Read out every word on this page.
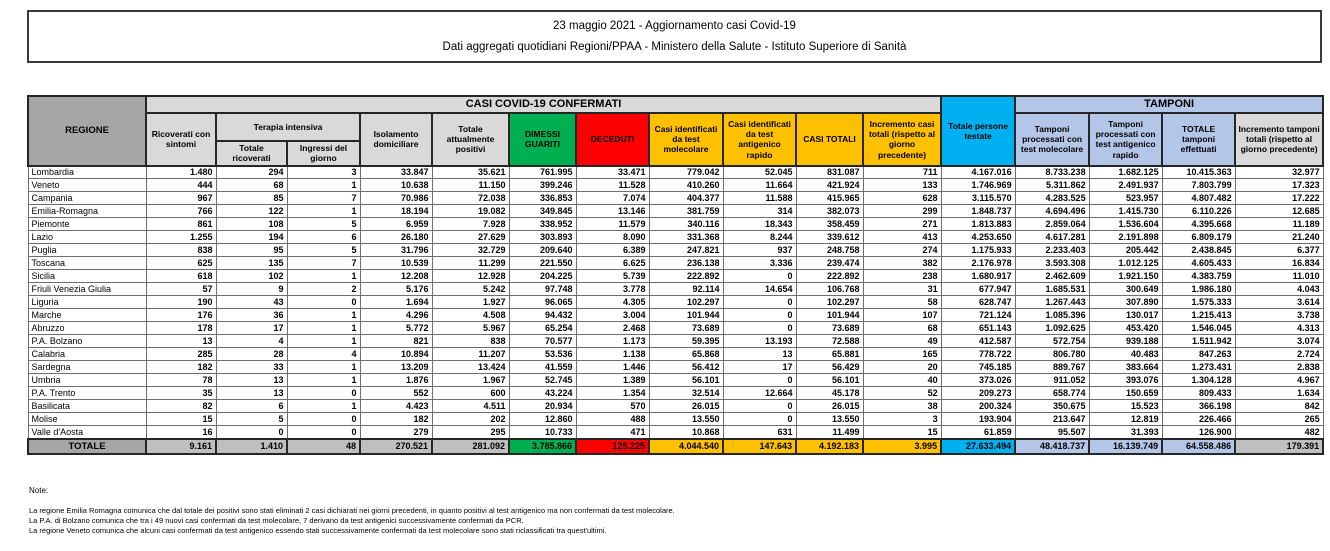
23 maggio 2021 - Aggiornamento casi Covid-19
Dati aggregati quotidiani Regioni/PPAA - Ministero della Salute - Istituto Superiore di Sanità
REGIONE	CASI COVID-19 CONFERMATI											Totale persone testate	TAMPONI			
	Ricoverati con sintomi	Terapia intensiva		Isolamento domiciliare	Totale attualmente positivi	DIMESSI GUARITI	DECEDUTI	Casi identificati da test molecolare	Casi identificati da test antigenico rapido	CASI TOTALI	Incremento casi totali (rispetto al giorno precedente)		Tamponi processati con test molecolare	Tamponi processati con test antigenico rapido	TOTALE tamponi effettuati	Incremento tamponi totali (rispetto al giorno precedente)
		Totale ricoverati	Ingressi del giorno													
Lombardia	1.480	294	3	33.847	35.621	761.995	33.471	779.042	52.045	831.087	711	4.167.016	8.733.238	1.682.125	10.415.363	32.977
Veneto	444	68	1	10.638	11.150	399.246	11.528	410.260	11.664	421.924	133	1.746.969	5.311.862	2.491.937	7.803.799	17.323
Campania	967	85	7	70.986	72.038	336.853	7.074	404.377	11.588	415.965	628	3.115.570	4.283.525	523.957	4.807.482	17.222
Emilia-Romagna	766	122	1	18.194	19.082	349.845	13.146	381.759	314	382.073	299	1.848.737	4.694.496	1.415.730	6.110.226	12.685
Piemonte	861	108	5	6.959	7.928	338.952	11.579	340.116	18.343	358.459	271	1.813.883	2.859.064	1.536.604	4.395.668	11.189
Lazio	1.255	194	6	26.180	27.629	303.893	8.090	331.368	8.244	339.612	413	4.253.650	4.617.281	2.191.898	6.809.179	21.240
Puglia	838	95	5	31.796	32.729	209.640	6.389	247.821	937	248.758	274	1.175.933	2.233.403	205.442	2.438.845	6.377
Toscana	625	135	7	10.539	11.299	221.550	6.625	236.138	3.336	239.474	382	2.176.978	3.593.308	1.012.125	4.605.433	16.834
Sicilia	618	102	1	12.208	12.928	204.225	5.739	222.892	0	222.892	238	1.680.917	2.462.609	1.921.150	4.383.759	11.010
Friuli Venezia Giulia	57	9	2	5.176	5.242	97.748	3.778	92.114	14.654	106.768	31	677.947	1.685.531	300.649	1.986.180	4.043
Liguria	190	43	0	1.694	1.927	96.065	4.305	102.297	0	102.297	58	628.747	1.267.443	307.890	1.575.333	3.614
Marche	176	36	1	4.296	4.508	94.432	3.004	101.944	0	101.944	107	721.124	1.085.396	130.017	1.215.413	3.738
Abruzzo	178	17	1	5.772	5.967	65.254	2.468	73.689	0	73.689	68	651.143	1.092.625	453.420	1.546.045	4.313
P.A. Bolzano	13	4	1	821	838	70.577	1.173	59.395	13.193	72.588	49	412.587	572.754	939.188	1.511.942	3.074
Calabria	285	28	4	10.894	11.207	53.536	1.138	65.868	13	65.881	165	778.722	806.780	40.483	847.263	2.724
Sardegna	182	33	1	13.209	13.424	41.559	1.446	56.412	17	56.429	20	745.185	889.767	383.664	1.273.431	2.838
Umbria	78	13	1	1.876	1.967	52.745	1.389	56.101	0	56.101	40	373.026	911.052	393.076	1.304.128	4.967
P.A. Trento	35	13	0	552	600	43.224	1.354	32.514	12.664	45.178	52	209.273	658.774	150.659	809.433	1.634
Basilicata	82	6	1	4.423	4.511	20.934	570	26.015	0	26.015	38	200.324	350.675	15.523	366.198	842
Molise	15	5	0	182	202	12.860	488	13.550	0	13.550	3	193.904	213.647	12.819	226.466	265
Valle d'Aosta	16	0	0	279	295	10.733	471	10.868	631	11.499	15	61.859	95.507	31.393	126.900	482
TOTALE	9.161	1.410	48	270.521	281.092	3.785.866	125.225	4.044.540	147.643	4.192.183	3.995	27.633.494	48.418.737	16.139.749	64.558.486	179.391
Note:
La regione Emilia Romagna comunica che dal totale dei positivi sono stati eliminati 2 casi dichiarati nei giorni precedenti, in quanto positivi al test antigenico ma non confermati da test molecolare.
La P.A. di Bolzano comunica che tra i 49 nuovi casi confermati da test molecolare, 7 derivano da test antigenici successivamente confermati da PCR.
La regione Veneto comunica che alcuni casi confermati da test antigenico essendo stati successivamente confermati da test molecolare sono stati riclassificati tra quest'ultimi.
